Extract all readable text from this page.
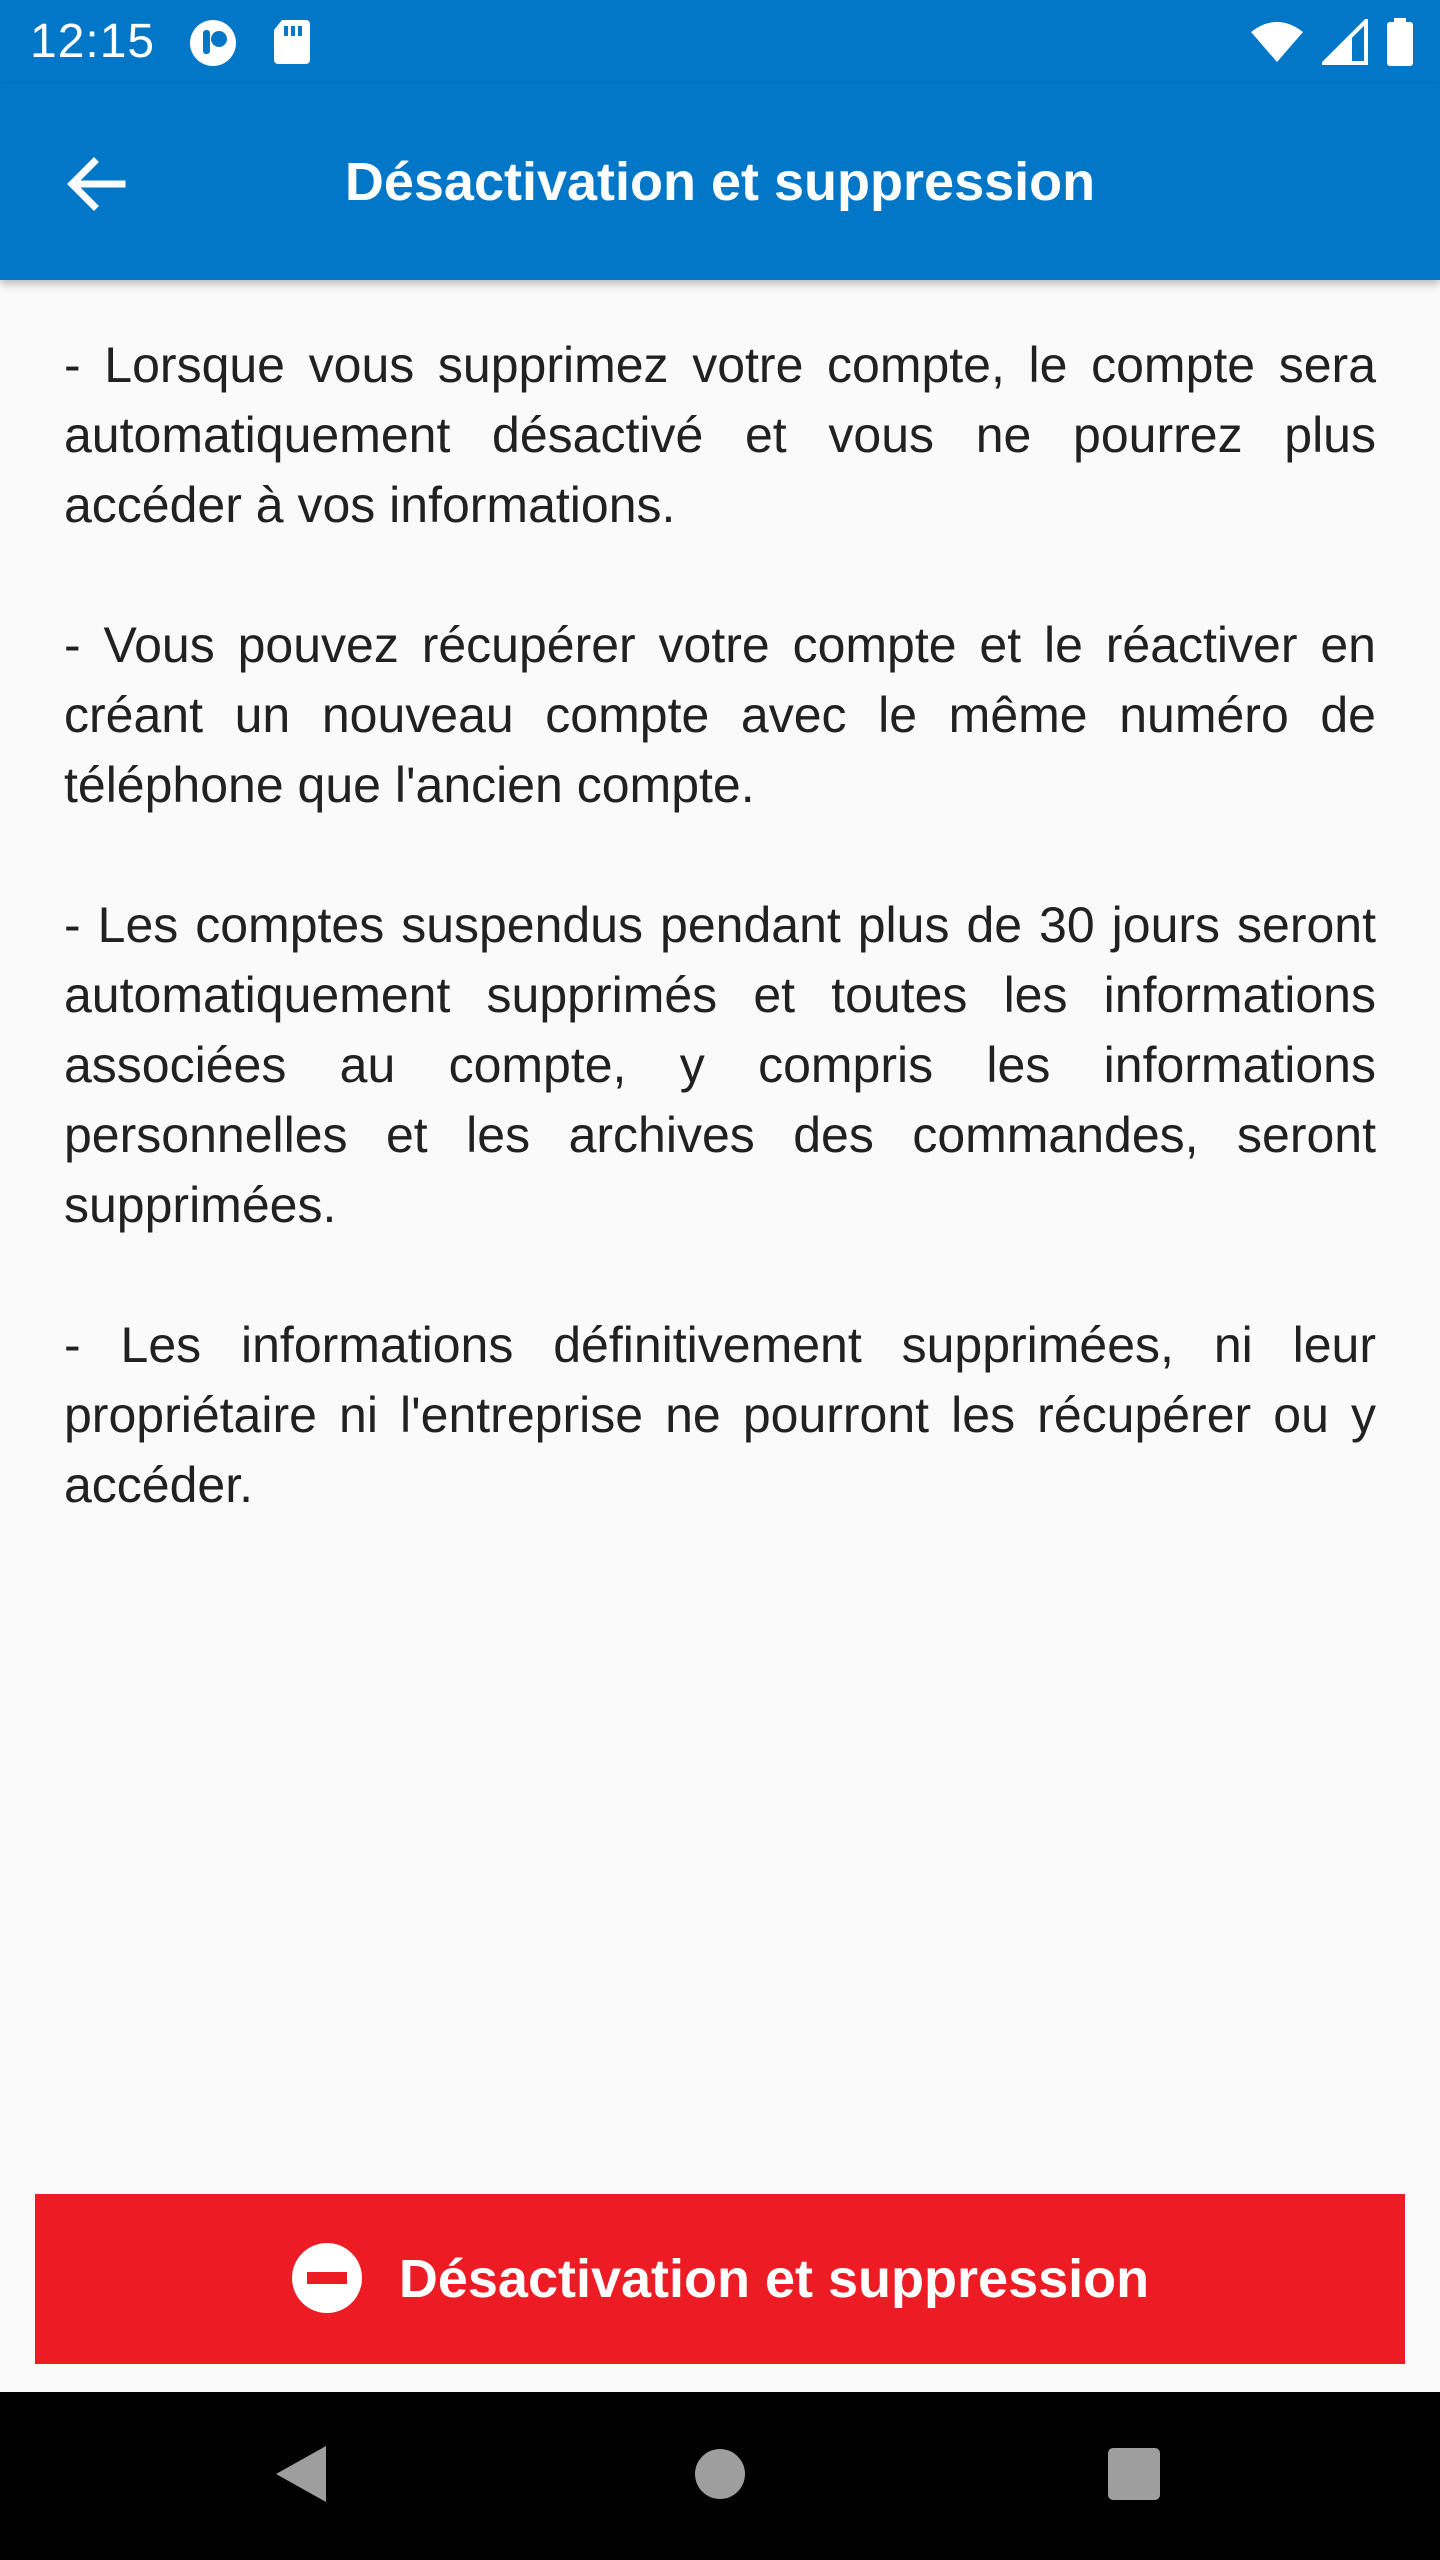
12:15
Désactivation et suppression

- Lorsque vous supprimez votre compte, le compte sera automatiquement désactivé et vous ne pourrez plus accéder à vos informations.

- Vous pouvez récupérer votre compte et le réactiver en créant un nouveau compte avec le même numéro de téléphone que l'ancien compte.

- Les comptes suspendus pendant plus de 30 jours seront automatiquement supprimés et toutes les informations associées au compte, y compris les informations personnelles et les archives des commandes, seront supprimées.

- Les informations définitivement supprimées, ni leur propriétaire ni l'entreprise ne pourront les récupérer ou y accéder.

Désactivation et suppression
